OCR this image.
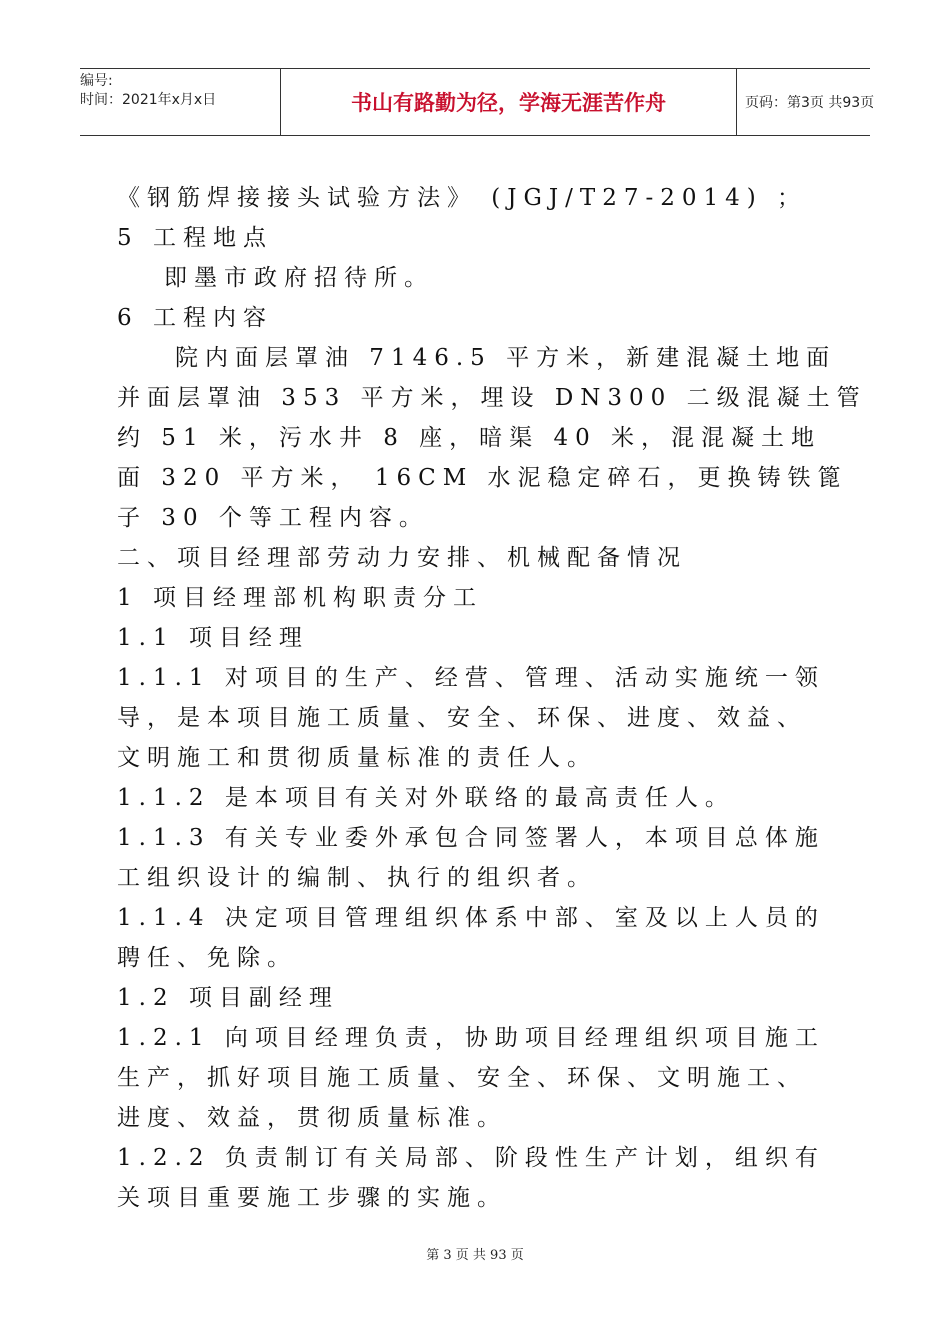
编号:
时间：2021年x月x日	书山有路勤为径，学海无涯苦作舟	页码：第3页 共93页
《钢筋焊接接头试验方法》 (JGJ/T27-2014) ；
5 工程地点
即墨市政府招待所。
6 工程内容
院内面层罩油 7146.5 平方米，新建混凝土地面
并面层罩油 353 平方米，埋设 DN300 二级混凝土管
约 51 米，污水井 8 座，暗渠 40 米，混混凝土地
面 320 平方米， 16CM 水泥稳定碎石，更换铸铁篦
子 30 个等工程内容。
二、项目经理部劳动力安排、机械配备情况
1 项目经理部机构职责分工
1.1 项目经理
1.1.1 对项目的生产、经营、管理、活动实施统一领
导，是本项目施工质量、安全、环保、进度、效益、
文明施工和贯彻质量标准的责任人。
1.1.2 是本项目有关对外联络的最高责任人。
1.1.3 有关专业委外承包合同签署人，本项目总体施
工组织设计的编制、执行的组织者。
1.1.4 决定项目管理组织体系中部、室及以上人员的
聘任、免除。
1.2 项目副经理
1.2.1 向项目经理负责，协助项目经理组织项目施工
生产，抓好项目施工质量、安全、环保、文明施工、
进度、效益，贯彻质量标准。
1.2.2 负责制订有关局部、阶段性生产计划，组织有
关项目重要施工步骤的实施。
第 3 页 共 93 页
